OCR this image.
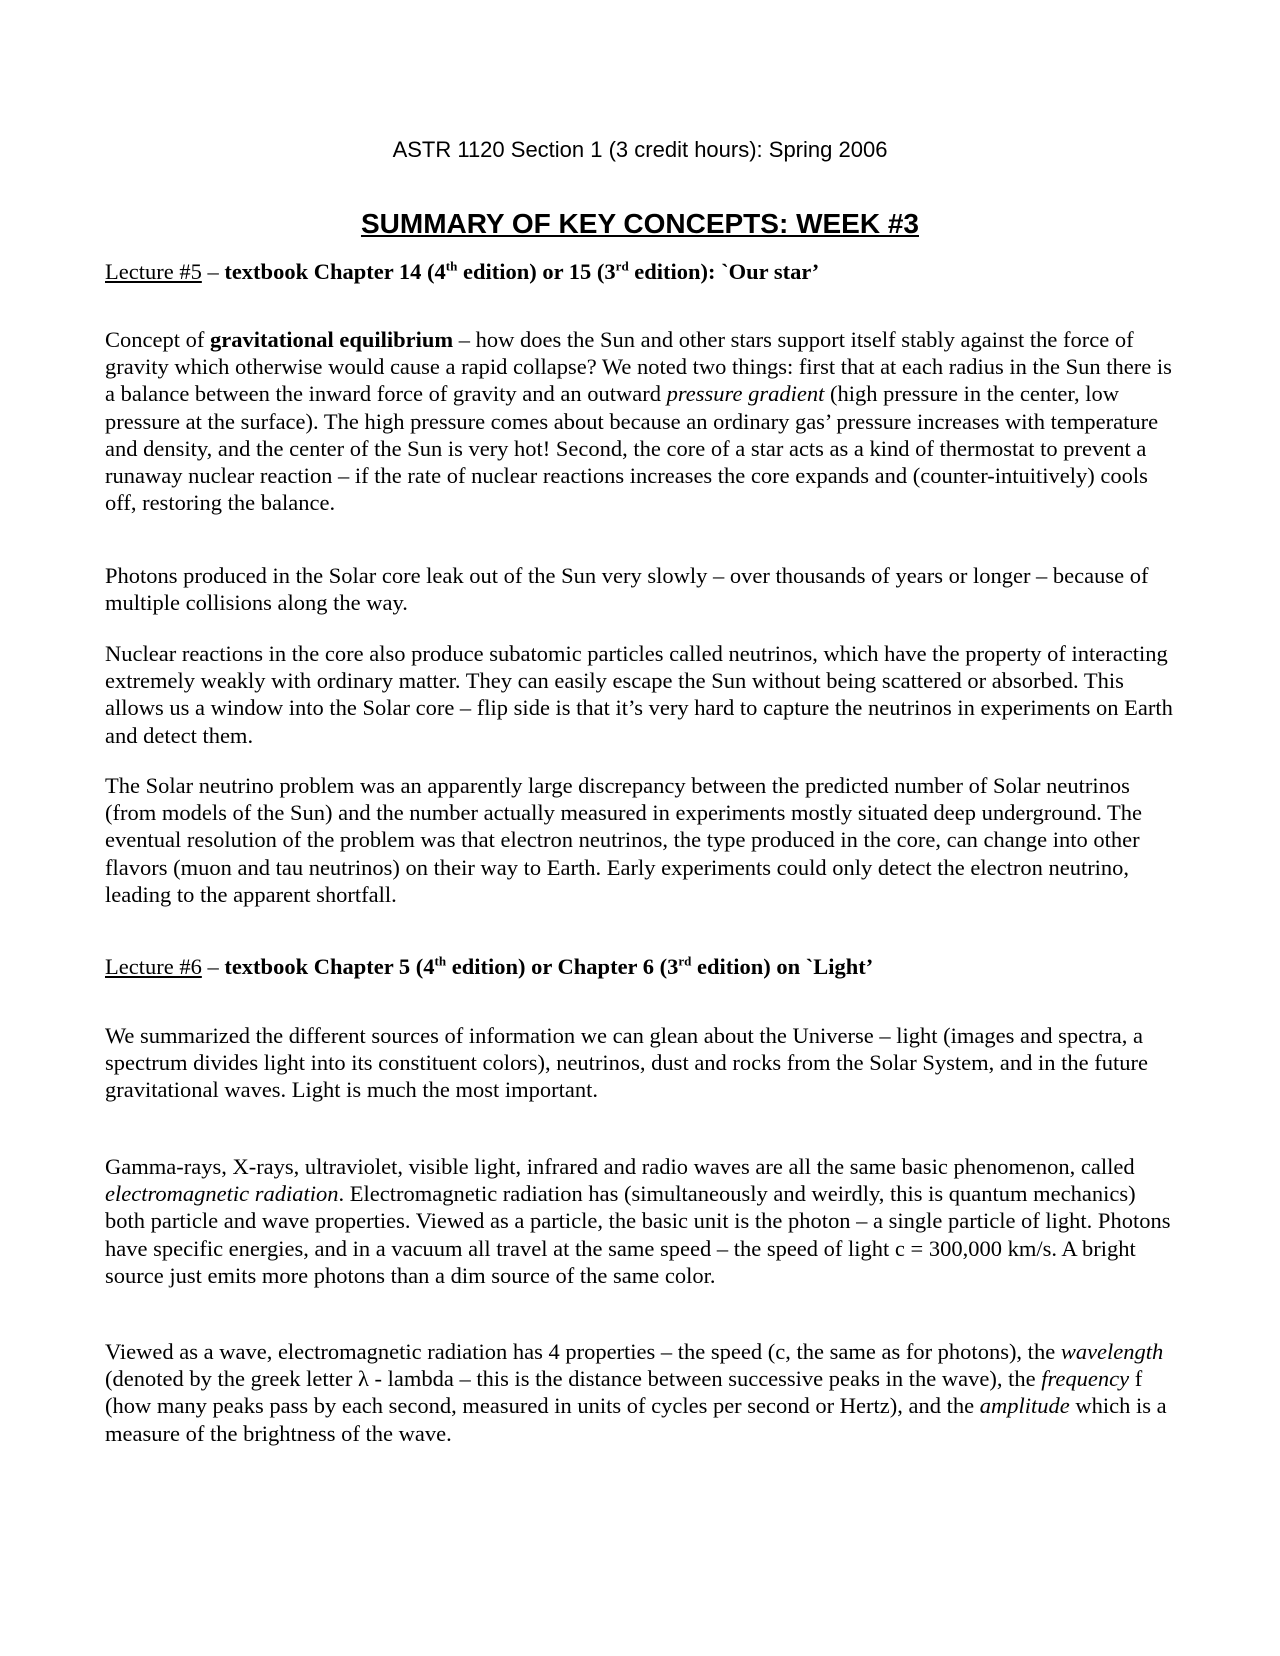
ASTR 1120 Section 1 (3 credit hours): Spring 2006
SUMMARY OF KEY CONCEPTS: WEEK #3
Lecture #5 – textbook Chapter 14 (4th edition) or 15 (3rd edition): `Our star’

Concept of gravitational equilibrium – how does the Sun and other stars support itself stably against the force of gravity which otherwise would cause a rapid collapse? We noted two things: first that at each radius in the Sun there is a balance between the inward force of gravity and an outward pressure gradient (high pressure in the center, low pressure at the surface). The high pressure comes about because an ordinary gas’ pressure increases with temperature and density, and the center of the Sun is very hot! Second, the core of a star acts as a kind of thermostat to prevent a runaway nuclear reaction – if the rate of nuclear reactions increases the core expands and (counter-intuitively) cools off, restoring the balance.

Photons produced in the Solar core leak out of the Sun very slowly – over thousands of years or longer – because of multiple collisions along the way.

Nuclear reactions in the core also produce subatomic particles called neutrinos, which have the property of interacting extremely weakly with ordinary matter. They can easily escape the Sun without being scattered or absorbed. This allows us a window into the Solar core – flip side is that it’s very hard to capture the neutrinos in experiments on Earth and detect them.

The Solar neutrino problem was an apparently large discrepancy between the predicted number of Solar neutrinos (from models of the Sun) and the number actually measured in experiments mostly situated deep underground. The eventual resolution of the problem was that electron neutrinos, the type produced in the core, can change into other flavors (muon and tau neutrinos) on their way to Earth. Early experiments could only detect the electron neutrino, leading to the apparent shortfall.

Lecture #6 – textbook Chapter 5 (4th edition) or Chapter 6 (3rd edition) on `Light’

We summarized the different sources of information we can glean about the Universe – light (images and spectra, a spectrum divides light into its constituent colors), neutrinos, dust and rocks from the Solar System, and in the future gravitational waves. Light is much the most important.

Gamma-rays, X-rays, ultraviolet, visible light, infrared and radio waves are all the same basic phenomenon, called electromagnetic radiation. Electromagnetic radiation has (simultaneously and weirdly, this is quantum mechanics) both particle and wave properties. Viewed as a particle, the basic unit is the photon – a single particle of light. Photons have specific energies, and in a vacuum all travel at the same speed – the speed of light c = 300,000 km/s. A bright source just emits more photons than a dim source of the same color.

Viewed as a wave, electromagnetic radiation has 4 properties – the speed (c, the same as for photons), the wavelength (denoted by the greek letter λ - lambda – this is the distance between successive peaks in the wave), the frequency f (how many peaks pass by each second, measured in units of cycles per second or Hertz), and the amplitude which is a measure of the brightness of the wave.
